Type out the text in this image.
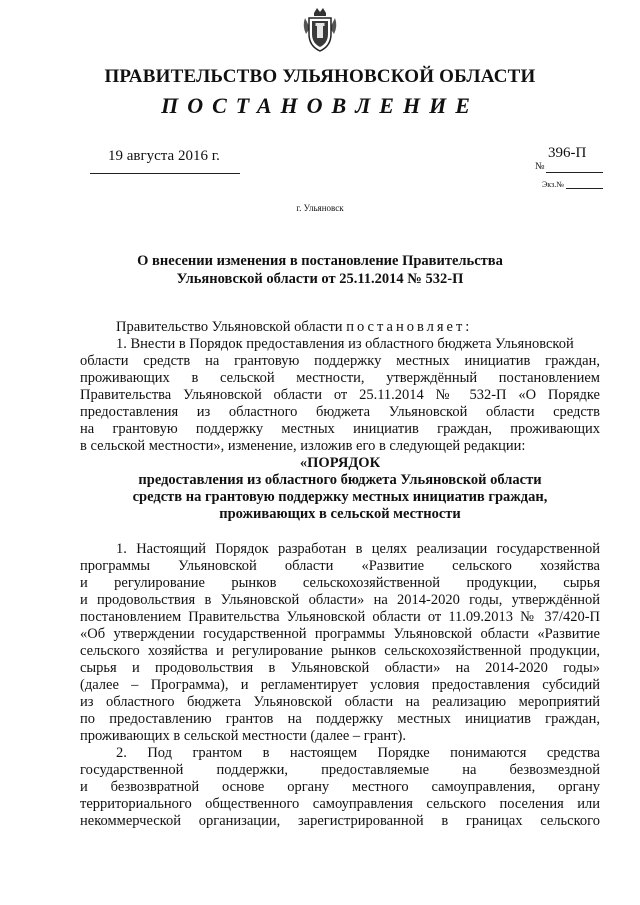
ПРАВИТЕЛЬСТВО УЛЬЯНОВСКОЙ ОБЛАСТИ
ПОСТАНОВЛЕНИЕ
19 августа 2016 г.
№
396-П
Экз.№
г. Ульяновск
О внесении изменения в постановление Правительства
Ульяновской области от 25.11.2014 № 532-П
Правительство Ульяновской области постановляет:
1. Внести в Порядок предоставления из областного бюджета Ульяновской
области средств на грантовую поддержку местных инициатив граждан,
проживающих в сельской местности, утверждённый постановлением
Правительства Ульяновской области от 25.11.2014 № 532-П «О Порядке
предоставления из областного бюджета Ульяновской области средств
на грантовую поддержку местных инициатив граждан, проживающих
в сельской местности», изменение, изложив его в следующей редакции:
«ПОРЯДОК
предоставления из областного бюджета Ульяновской области
средств на грантовую поддержку местных инициатив граждан,
проживающих в сельской местности
1. Настоящий Порядок разработан в целях реализации государственной
программы Ульяновской области «Развитие сельского хозяйства
и регулирование рынков сельскохозяйственной продукции, сырья
и продовольствия в Ульяновской области» на 2014-2020 годы, утверждённой
постановлением Правительства Ульяновской области от 11.09.2013 № 37/420-П
«Об утверждении государственной программы Ульяновской области «Развитие
сельского хозяйства и регулирование рынков сельскохозяйственной продукции,
сырья и продовольствия в Ульяновской области» на 2014-2020 годы»
(далее – Программа), и регламентирует условия предоставления субсидий
из областного бюджета Ульяновской области на реализацию мероприятий
по предоставлению грантов на поддержку местных инициатив граждан,
проживающих в сельской местности (далее – грант).
2. Под грантом в настоящем Порядке понимаются средства
государственной поддержки, предоставляемые на безвозмездной
и безвозвратной основе органу местного самоуправления, органу
территориального общественного самоуправления сельского поселения или
некоммерческой организации, зарегистрированной в границах сельского
